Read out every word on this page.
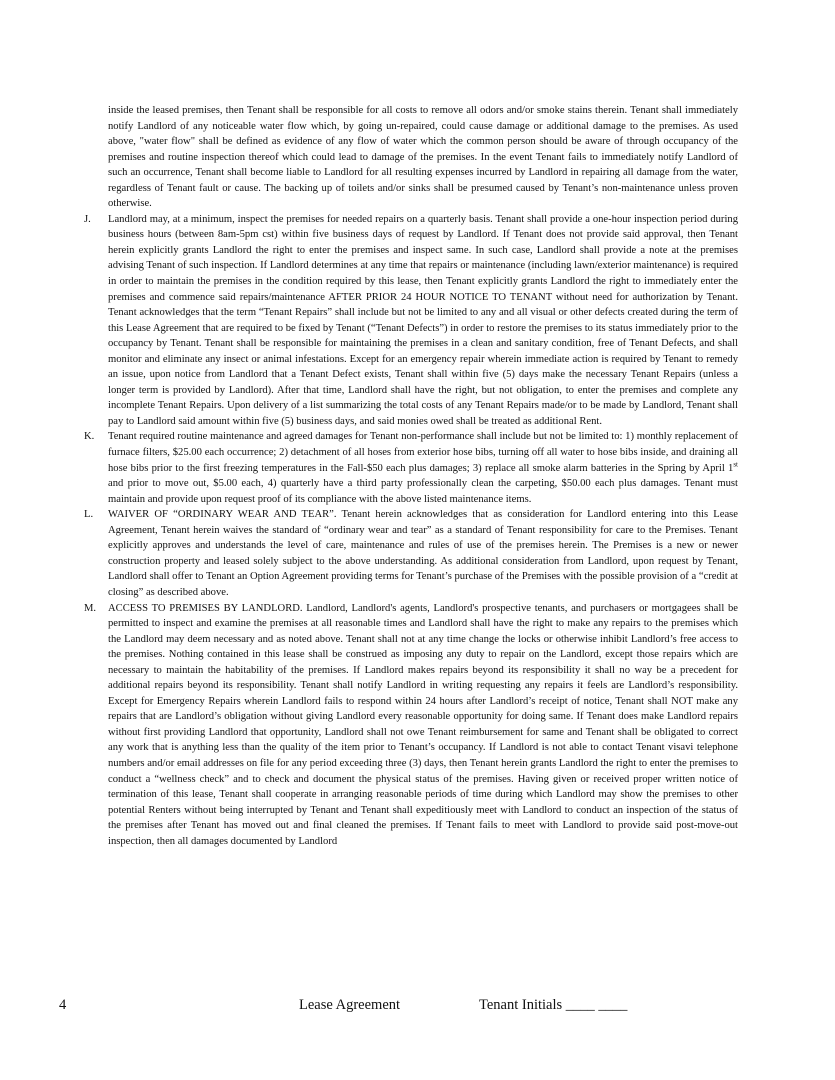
inside the leased premises, then Tenant shall be responsible for all costs to remove all odors and/or smoke stains therein. Tenant shall immediately notify Landlord of any noticeable water flow which, by going un-repaired, could cause damage or additional damage to the premises. As used above, "water flow" shall be defined as evidence of any flow of water which the common person should be aware of through occupancy of the premises and routine inspection thereof which could lead to damage of the premises. In the event Tenant fails to immediately notify Landlord of such an occurrence, Tenant shall become liable to Landlord for all resulting expenses incurred by Landlord in repairing all damage from the water, regardless of Tenant fault or cause. The backing up of toilets and/or sinks shall be presumed caused by Tenant’s non-maintenance unless proven otherwise.

J.	Landlord may, at a minimum, inspect the premises for needed repairs on a quarterly basis. Tenant shall provide a one-hour inspection period during business hours (between 8am-5pm cst) within five business days of request by Landlord. If Tenant does not provide said approval, then Tenant herein explicitly grants Landlord the right to enter the premises and inspect same. In such case, Landlord shall provide a note at the premises advising Tenant of such inspection. If Landlord determines at any time that repairs or maintenance (including lawn/exterior maintenance) is required in order to maintain the premises in the condition required by this lease, then Tenant explicitly grants Landlord the right to immediately enter the premises and commence said repairs/maintenance AFTER PRIOR 24 HOUR NOTICE TO TENANT without need for authorization by Tenant. Tenant acknowledges that the term “Tenant Repairs” shall include but not be limited to any and all visual or other defects created during the term of this Lease Agreement that are required to be fixed by Tenant (“Tenant Defects”) in order to restore the premises to its status immediately prior to the occupancy by Tenant. Tenant shall be responsible for maintaining the premises in a clean and sanitary condition, free of Tenant Defects, and shall monitor and eliminate any insect or animal infestations. Except for an emergency repair wherein immediate action is required by Tenant to remedy an issue, upon notice from Landlord that a Tenant Defect exists, Tenant shall within five (5) days make the necessary Tenant Repairs (unless a longer term is provided by Landlord). After that time, Landlord shall have the right, but not obligation, to enter the premises and complete any incomplete Tenant Repairs. Upon delivery of a list summarizing the total costs of any Tenant Repairs made/or to be made by Landlord, Tenant shall pay to Landlord said amount within five (5) business days, and said monies owed shall be treated as additional Rent.
K.	Tenant required routine maintenance and agreed damages for Tenant non-performance shall include but not be limited to: 1) monthly replacement of furnace filters, $25.00 each occurrence; 2) detachment of all hoses from exterior hose bibs, turning off all water to hose bibs inside, and draining all hose bibs prior to the first freezing temperatures in the Fall-$50 each plus damages; 3) replace all smoke alarm batteries in the Spring by April 1st and prior to move out, $5.00 each, 4) quarterly have a third party professionally clean the carpeting, $50.00 each plus damages. Tenant must maintain and provide upon request proof of its compliance with the above listed maintenance items.
L.	WAIVER OF “ORDINARY WEAR AND TEAR”. Tenant herein acknowledges that as consideration for Landlord entering into this Lease Agreement, Tenant herein waives the standard of “ordinary wear and tear” as a standard of Tenant responsibility for care to the Premises. Tenant explicitly approves and understands the level of care, maintenance and rules of use of the premises herein. The Premises is a new or newer construction property and leased solely subject to the above understanding. As additional consideration from Landlord, upon request by Tenant, Landlord shall offer to Tenant an Option Agreement providing terms for Tenant’s purchase of the Premises with the possible provision of a “credit at closing” as described above.
M.	ACCESS TO PREMISES BY LANDLORD. Landlord, Landlord's agents, Landlord's prospective tenants, and purchasers or mortgagees shall be permitted to inspect and examine the premises at all reasonable times and Landlord shall have the right to make any repairs to the premises which the Landlord may deem necessary and as noted above. Tenant shall not at any time change the locks or otherwise inhibit Landlord’s free access to the premises. Nothing contained in this lease shall be construed as imposing any duty to repair on the Landlord, except those repairs which are necessary to maintain the habitability of the premises. If Landlord makes repairs beyond its responsibility it shall no way be a precedent for additional repairs beyond its responsibility. Tenant shall notify Landlord in writing requesting any repairs it feels are Landlord’s responsibility. Except for Emergency Repairs wherein Landlord fails to respond within 24 hours after Landlord’s receipt of notice, Tenant shall NOT make any repairs that are Landlord’s obligation without giving Landlord every reasonable opportunity for doing same. If Tenant does make Landlord repairs without first providing Landlord that opportunity, Landlord shall not owe Tenant reimbursement for same and Tenant shall be obligated to correct any work that is anything less than the quality of the item prior to Tenant’s occupancy. If Landlord is not able to contact Tenant visavi telephone numbers and/or email addresses on file for any period exceeding three (3) days, then Tenant herein grants Landlord the right to enter the premises to conduct a “wellness check” and to check and document the physical status of the premises. Having given or received proper written notice of termination of this lease, Tenant shall cooperate in arranging reasonable periods of time during which Landlord may show the premises to other potential Renters without being interrupted by Tenant and Tenant shall expeditiously meet with Landlord to conduct an inspection of the status of the premises after Tenant has moved out and final cleaned the premises. If Tenant fails to meet with Landlord to provide said post-move-out inspection, then all damages documented by Landlord
4	Lease Agreement	Tenant Initials ____ ____
